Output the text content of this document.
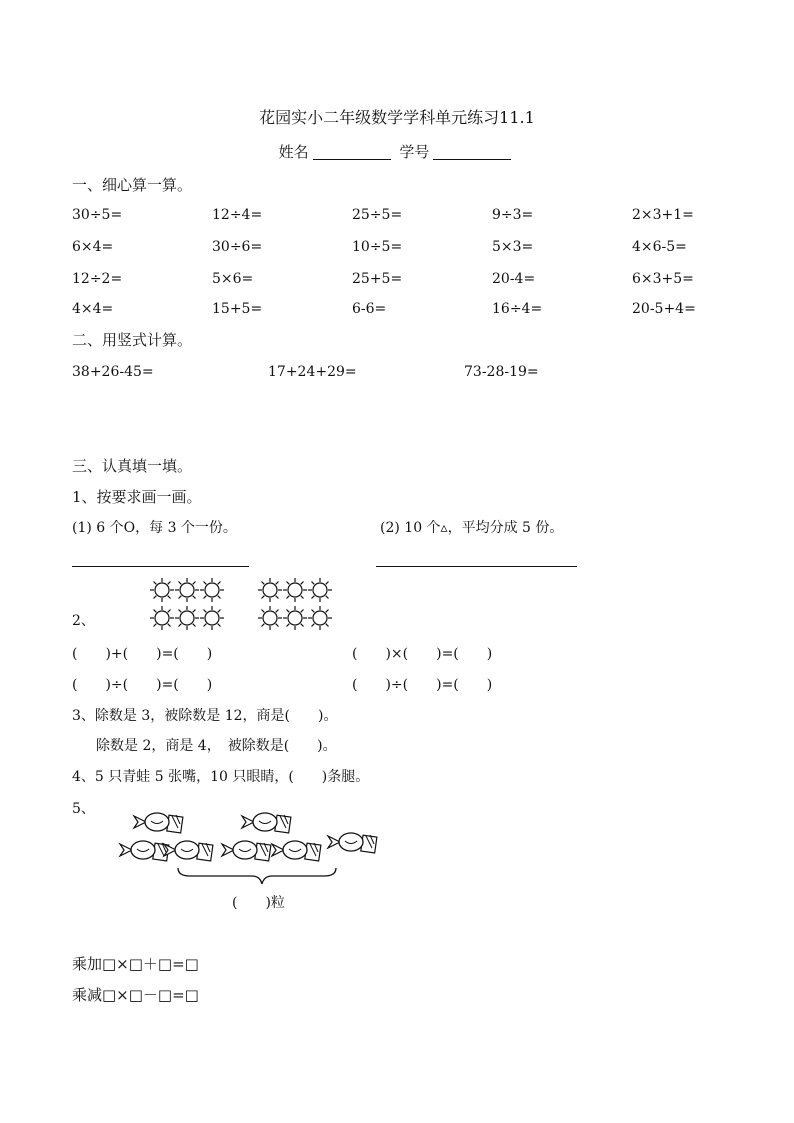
花园实小二年级数学学科单元练习11.1
姓名	学号
一、细心算一算。
30÷5=	12÷4=	25÷5=	9÷3=	2×3+1=
6×4=	30÷6=	10÷5=	5×3=	4×6-5=
12÷2=	5×6=	25+5=	20-4=	6×3+5=
4×4=	15+5=	6-6=	16÷4=	20-5+4=
二、用竖式计算。
38+26-45=	17+24+29=	73-28-19=
三、认真填一填。
1、按要求画一画。
(1) 6 个O，每 3 个一份。	(2) 10 个▵，平均分成 5 份。
2、
(　　)+(　　)=(　　)	(　　)×(　　)=(　　)
(　　)÷(　　)=(　　)	(　　)÷(　　)=(　　)
3、除数是 3，被除数是 12，商是(　　)。
除数是 2，商是 4，　被除数是(　　)。
4、5 只青蛙 5 张嘴，10 只眼睛，(　　)条腿。
5、
(　　)粒
乘加□×□＋□=□
乘减□×□－□=□
